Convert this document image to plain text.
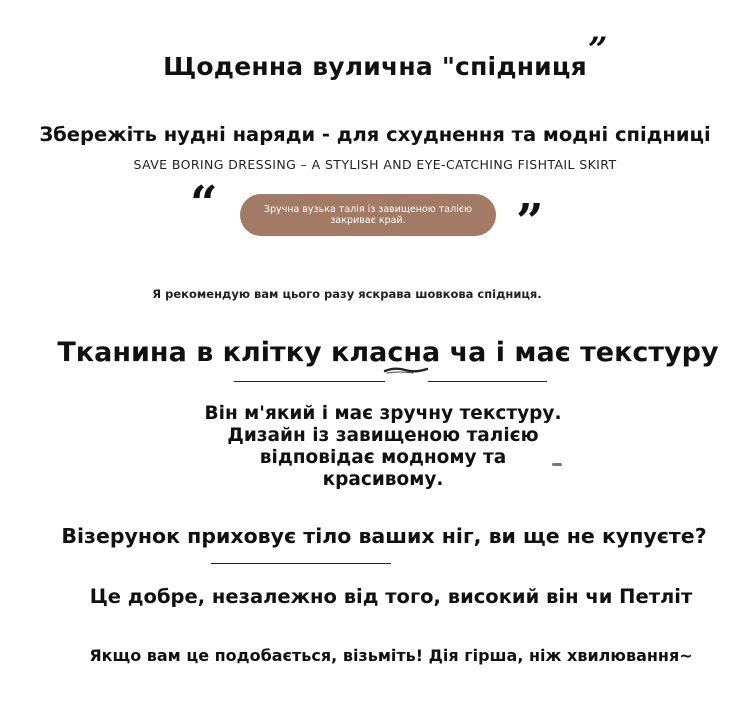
Щоденна вулична "спідниця ”
Збережіть нудні наряди - для схуднення та модні спідниці
SAVE BORING DRESSING – A STYLISH AND EYE-CATCHING FISHTAIL SKIRT
“	Зручна вузька талія із завищеною талією закриває край.	”
Я рекомендую вам цього разу яскрава шовкова спідниця.
Тканина в клітку класна ча і має текстуру
Він м'який і має зручну текстуру. Дизайн із завищеною талією відповідає модному та красивому.
Візерунок приховує тіло ваших ніг, ви ще не купуєте?
Це добре, незалежно від того, високий він чи Петліт
Якщо вам це подобається, візьміть! Дія гірша, ніж хвилювання~
